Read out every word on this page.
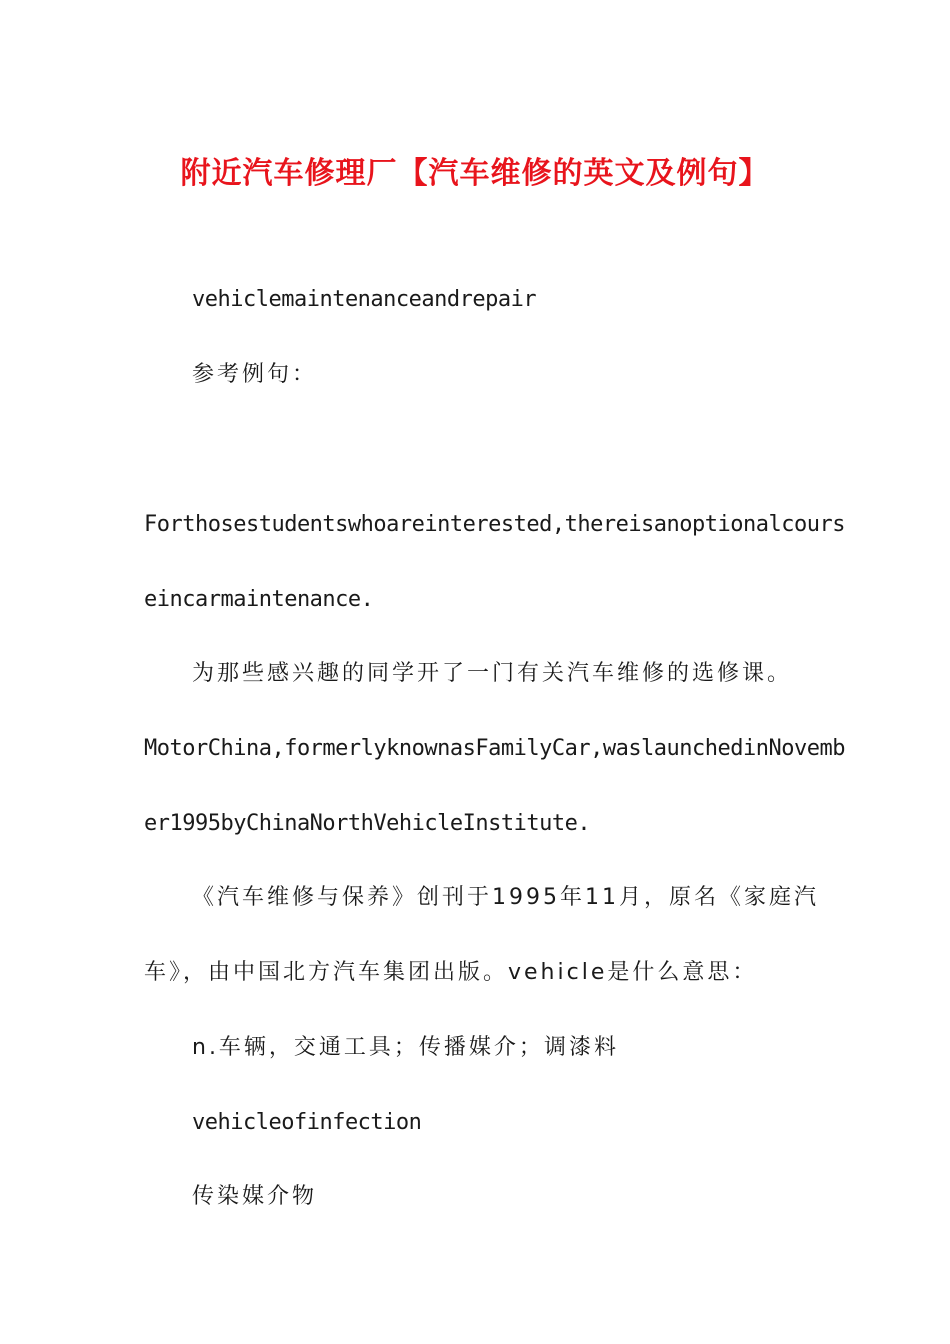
附近汽车修理厂【汽车维修的英文及例句】
vehiclemaintenanceandrepair
参考例句：
Forthosestudentswhoareinterested,thereisanoptionalcours
eincarmaintenance.
为那些感兴趣的同学开了一门有关汽车维修的选修课。
MotorChina,formerlyknownasFamilyCar,waslaunchedinNovemb
er1995byChinaNorthVehicleInstitute.
《汽车维修与保养》创刊于1995年11月，原名《家庭汽
车》，由中国北方汽车集团出版。vehicle是什么意思：
n.车辆，交通工具；传播媒介；调漆料
vehicleofinfection
传染媒介物
